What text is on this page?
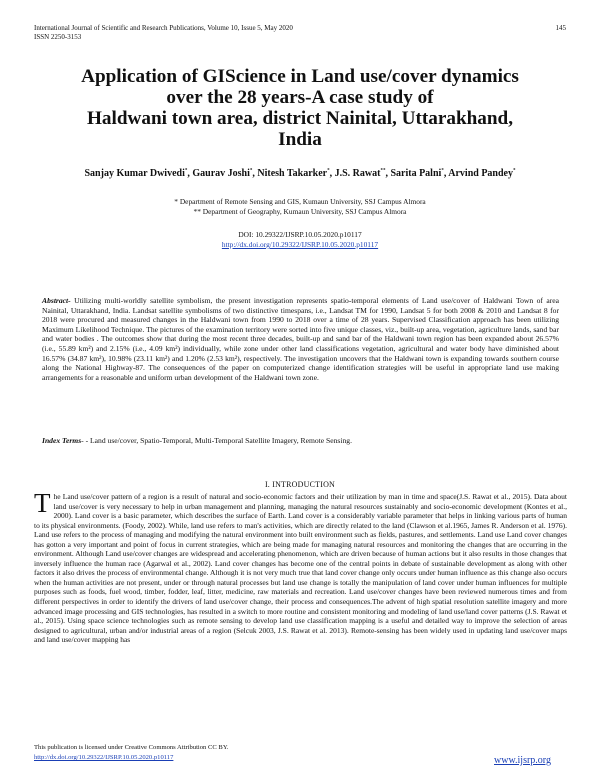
International Journal of Scientific and Research Publications, Volume 10, Issue 5, May 2020
ISSN 2250-3153
145
Application of GIScience in Land use/cover dynamics
over the 28 years-A case study of
Haldwani town area, district Nainital, Uttarakhand,
India
Sanjay Kumar Dwivedi*, Gaurav Joshi*, Nitesh Takarker*, J.S. Rawat**, Sarita Palni*, Arvind Pandey*
* Department of Remote Sensing and GIS, Kumaun University, SSJ Campus Almora
** Department of Geography, Kumaun University, SSJ Campus Almora
DOI: 10.29322/IJSRP.10.05.2020.p10117
http://dx.doi.org/10.29322/IJSRP.10.05.2020.p10117
Abstract- Utilizing multi-worldly satellite symbolism, the present investigation represents spatio-temporal elements of Land use/cover of Haldwani Town of area Nainital, Uttarakhand, India. Landsat satellite symbolisms of two distinctive timespans, i.e., Landsat TM for 1990, Landsat 5 for both 2008 & 2010 and Landsat 8 for 2018 were procured and measured changes in the Haldwani town from 1990 to 2018 over a time of 28 years. Supervised Classification approach has been utilizing Maximum Likelihood Technique. The pictures of the examination territory were sorted into five unique classes, viz., built-up area, vegetation, agriculture lands, sand bar and water bodies . The outcomes show that during the most recent three decades, built-up and sand bar of the Haldwani town region has been expanded about 26.57% (i.e., 55.89 km²) and 2.15% (i.e., 4.09 km²) individually, while zone under other land classifications vegetation, agricultural and water body have diminished about 16.57% (34.87 km²), 10.98% (23.11 km²) and 1.20% (2.53 km²), respectively. The investigation uncovers that the Haldwani town is expanding towards southern course along the National Highway-87. The consequences of the paper on computerized change identification strategies will be useful in appropriate land use making arrangements for a reasonable and uniform urban development of the Haldwani town zone.
Index Terms- - Land use/cover, Spatio-Temporal, Multi-Temporal Satellite Imagery, Remote Sensing.
I. INTRODUCTION
The Land use/cover pattern of a region is a result of natural and socio-economic factors and their utilization by man in time and space(J.S. Rawat et al., 2015). Data about land use/cover is very necessary to help in urban management and planning, managing the natural resources sustainably and socio-economic development (Kontes et al., 2000). Land cover is a basic parameter, which describes the surface of Earth. Land cover is a considerably variable parameter that helps in linking various parts of human to its physical environments. (Foody, 2002). While, land use refers to man's activities, which are directly related to the land (Clawson et al.1965, James R. Anderson et al. 1976). Land use refers to the process of managing and modifying the natural environment into built environment such as fields, pastures, and settlements. Land use Land cover changes has gotton a very important and point of focus in current strategies, which are being made for managing natural resources and monitoring the changes that are occurring in the environment. Although Land use/cover changes are widespread and accelerating phenomenon, which are driven because of human actions but it also results in those changes that inversely influence the human race (Agarwal et al., 2002). Land cover changes has become one of the central points in debate of sustainable development as along with other factors it also drives the process of environmental change. Although it is not very much true that land cover change only occurs under human influence as this change also occurs when the human activities are not present, under or through natural processes but land use change is totally the manipulation of land cover under human influences for multiple purposes such as foods, fuel wood, timber, fodder, leaf, litter, medicine, raw materials and recreation. Land use/cover changes have been reviewed numerous times and from different perspectives in order to identify the drivers of land use/cover change, their process and consequences.The advent of high spatial resolution satellite imagery and more advanced image processing and GIS technologies, has resulted in a switch to more routine and consistent monitoring and modeling of land use/land cover patterns (J.S. Rawat et al., 2015). Using space science technologies such as remote sensing to develop land use classification mapping is a useful and detailed way to improve the selection of areas designed to agricultural, urban and/or industrial areas of a region (Selcuk 2003, J.S. Rawat et al. 2013). Remote-sensing has been widely used in updating land use/cover maps and land use/cover mapping has
This publication is licensed under Creative Commons Attribution CC BY.
http://dx.doi.org/10.29322/IJSRP.10.05.2020.p10117	www.ijsrp.org
